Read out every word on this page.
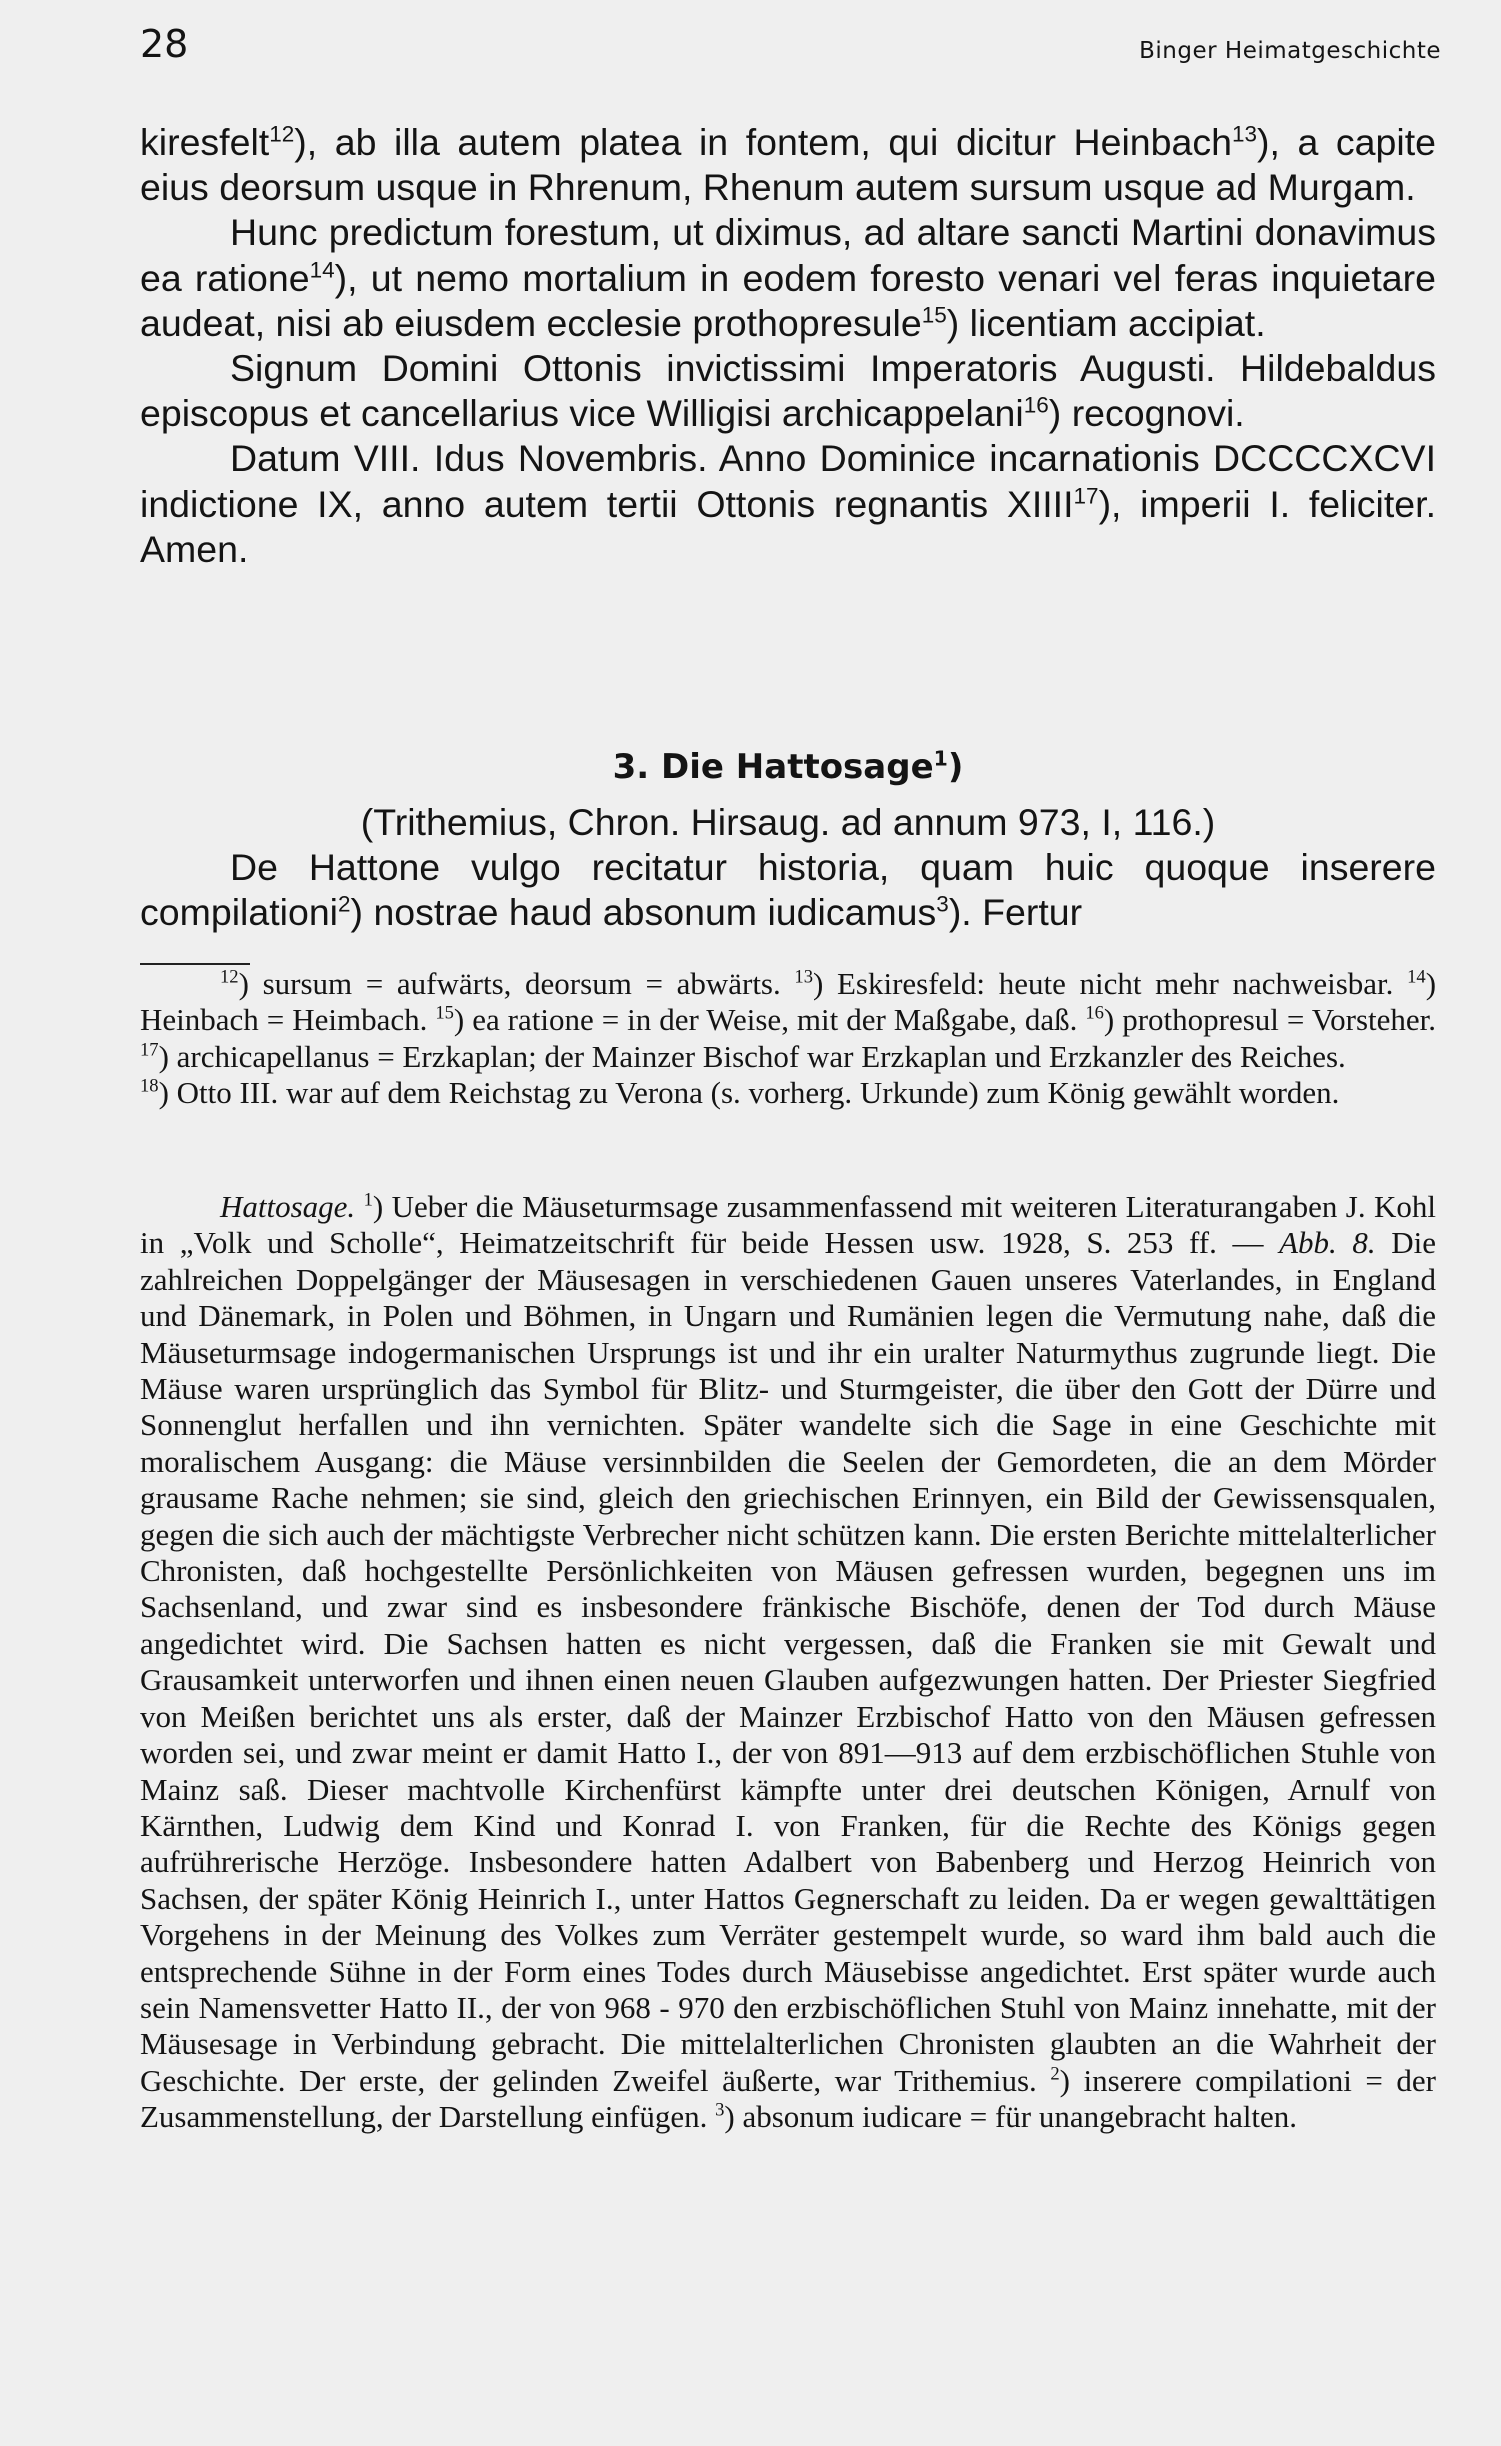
28	Binger Heimatgeschichte

kiresfelt$^{12}$), ab illa autem platea in fontem, qui dicitur Heinbach$^{13}$), a capite eius deorsum usque in Rhrenum, Rhenum autem sursum usque ad Murgam.

Hunc predictum forestum, ut diximus, ad altare sancti Martini donavimus ea ratione$^{14}$), ut nemo mortalium in eodem foresto venari vel feras inquietare audeat, nisi ab eiusdem ecclesie prothopresule$^{15}$) licentiam accipiat.

Signum Domini Ottonis invictissimi Imperatoris Augusti. Hildebaldus episcopus et cancellarius vice Willigisi archicappelani$^{16}$) recognovi.

Datum VIII. Idus Novembris. Anno Dominice incarnationis DCCCCXCVI indictione IX, anno autem tertii Ottonis regnantis XIIII$^{17}$), imperii I. feliciter. Amen.

3. Die Hattosage$^1$)

(Trithemius, Chron. Hirsaug. ad annum 973, I, 116.)

De Hattone vulgo recitatur historia, quam huic quoque inserere compilationi$^2$) nostrae haud absonum iudicamus$^3$). Fertur

$^{12}$) sursum = aufwärts, deorsum = abwärts. $^{13}$) Eskiresfeld: heute nicht mehr nachweisbar. $^{14}$) Heinbach = Heimbach. $^{15}$) ea ratione = in der Weise, mit der Maßgabe, daß. $^{16}$) prothopresul = Vorsteher. $^{17}$) archicapellanus = Erzkaplan; der Mainzer Bischof war Erzkaplan und Erzkanzler des Reiches.

$^{18}$) Otto III. war auf dem Reichstag zu Verona (s. vorherg. Urkunde) zum König gewählt worden.

Hattosage. $^1$) Ueber die Mäuseturmsage zusammenfassend mit weiteren Literaturangaben J. Kohl in „Volk und Scholle“, Heimatzeitschrift für beide Hessen usw. 1928, S. 253 ff. — Abb. 8. Die zahlreichen Doppelgänger der Mäusesagen in verschiedenen Gauen unseres Vaterlandes, in England und Dänemark, in Polen und Böhmen, in Ungarn und Rumänien legen die Vermutung nahe, daß die Mäuseturmsage indogermanischen Ursprungs ist und ihr ein uralter Naturmythus zugrunde liegt. Die Mäuse waren ursprünglich das Symbol für Blitz- und Sturmgeister, die über den Gott der Dürre und Sonnenglut herfallen und ihn vernichten. Später wandelte sich die Sage in eine Geschichte mit moralischem Ausgang: die Mäuse versinnbilden die Seelen der Gemordeten, die an dem Mörder grausame Rache nehmen; sie sind, gleich den griechischen Erinnyen, ein Bild der Gewissensqualen, gegen die sich auch der mächtigste Verbrecher nicht schützen kann. Die ersten Berichte mittelalterlicher Chronisten, daß hochgestellte Persönlichkeiten von Mäusen gefressen wurden, begegnen uns im Sachsenland, und zwar sind es insbesondere fränkische Bischöfe, denen der Tod durch Mäuse angedichtet wird. Die Sachsen hatten es nicht vergessen, daß die Franken sie mit Gewalt und Grausamkeit unterworfen und ihnen einen neuen Glauben aufgezwungen hatten. Der Priester Siegfried von Meißen berichtet uns als erster, daß der Mainzer Erzbischof Hatto von den Mäusen gefressen worden sei, und zwar meint er damit Hatto I., der von 891—913 auf dem erzbischöflichen Stuhle von Mainz saß. Dieser machtvolle Kirchenfürst kämpfte unter drei deutschen Königen, Arnulf von Kärnthen, Ludwig dem Kind und Konrad I. von Franken, für die Rechte des Königs gegen aufrührerische Herzöge. Insbesondere hatten Adalbert von Babenberg und Herzog Heinrich von Sachsen, der später König Heinrich I., unter Hattos Gegnerschaft zu leiden. Da er wegen gewalttätigen Vorgehens in der Meinung des Volkes zum Verräter gestempelt wurde, so ward ihm bald auch die entsprechende Sühne in der Form eines Todes durch Mäusebisse angedichtet. Erst später wurde auch sein Namensvetter Hatto II., der von 968 - 970 den erzbischöflichen Stuhl von Mainz innehatte, mit der Mäusesage in Verbindung gebracht. Die mittelalterlichen Chronisten glaubten an die Wahrheit der Geschichte. Der erste, der gelinden Zweifel äußerte, war Trithemius. $^2$) inserere compilationi = der Zusammenstellung, der Darstellung einfügen. $^3$) absonum iudicare = für unangebracht halten.
